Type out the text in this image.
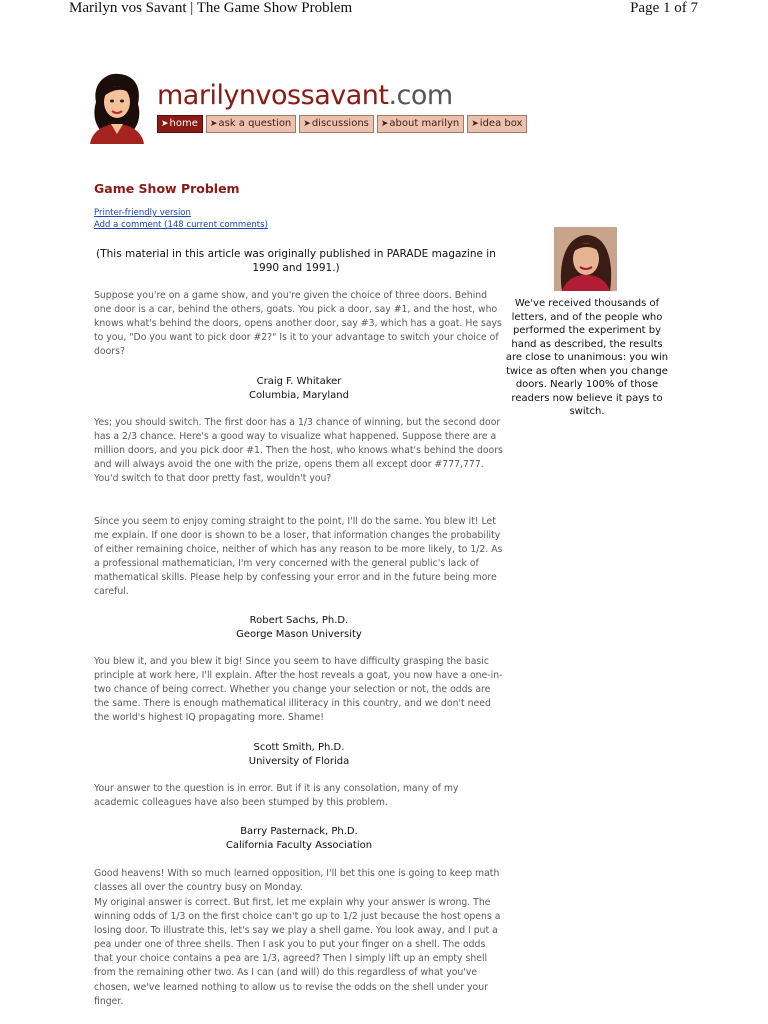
Marilyn vos Savant | The Game Show Problem	Page 1 of 7
marilynvossavant.com
➤home	➤ask a question	➤discussions	➤about marilyn	➤idea box
Game Show Problem
Printer-friendly version
Add a comment (148 current comments)
(This material in this article was originally published in PARADE magazine in 1990 and 1991.)
Suppose you're on a game show, and you're given the choice of three doors. Behind one door is a car, behind the others, goats. You pick a door, say #1, and the host, who knows what's behind the doors, opens another door, say #3, which has a goat. He says to you, "Do you want to pick door #2?" Is it to your advantage to switch your choice of doors?
Craig F. Whitaker
Columbia, Maryland
Yes; you should switch. The first door has a 1/3 chance of winning, but the second door has a 2/3 chance. Here's a good way to visualize what happened. Suppose there are a million doors, and you pick door #1. Then the host, who knows what's behind the doors and will always avoid the one with the prize, opens them all except door #777,777. You'd switch to that door pretty fast, wouldn't you?
Since you seem to enjoy coming straight to the point, I'll do the same. You blew it! Let me explain. If one door is shown to be a loser, that information changes the probability of either remaining choice, neither of which has any reason to be more likely, to 1/2. As a professional mathematician, I'm very concerned with the general public's lack of mathematical skills. Please help by confessing your error and in the future being more careful.
Robert Sachs, Ph.D.
George Mason University
You blew it, and you blew it big! Since you seem to have difficulty grasping the basic principle at work here, I'll explain. After the host reveals a goat, you now have a one-in-two chance of being correct. Whether you change your selection or not, the odds are the same. There is enough mathematical illiteracy in this country, and we don't need the world's highest IQ propagating more. Shame!
Scott Smith, Ph.D.
University of Florida
Your answer to the question is in error. But if it is any consolation, many of my academic colleagues have also been stumped by this problem.
Barry Pasternack, Ph.D.
California Faculty Association
Good heavens! With so much learned opposition, I'll bet this one is going to keep math classes all over the country busy on Monday.
My original answer is correct. But first, let me explain why your answer is wrong. The winning odds of 1/3 on the first choice can't go up to 1/2 just because the host opens a losing door. To illustrate this, let's say we play a shell game. You look away, and I put a pea under one of three shells. Then I ask you to put your finger on a shell. The odds that your choice contains a pea are 1/3, agreed? Then I simply lift up an empty shell from the remaining other two. As I can (and will) do this regardless of what you've chosen, we've learned nothing to allow us to revise the odds on the shell under your finger.
We've received thousands of letters, and of the people who performed the experiment by hand as described, the results are close to unanimous: you win twice as often when you change doors. Nearly 100% of those readers now believe it pays to switch.
